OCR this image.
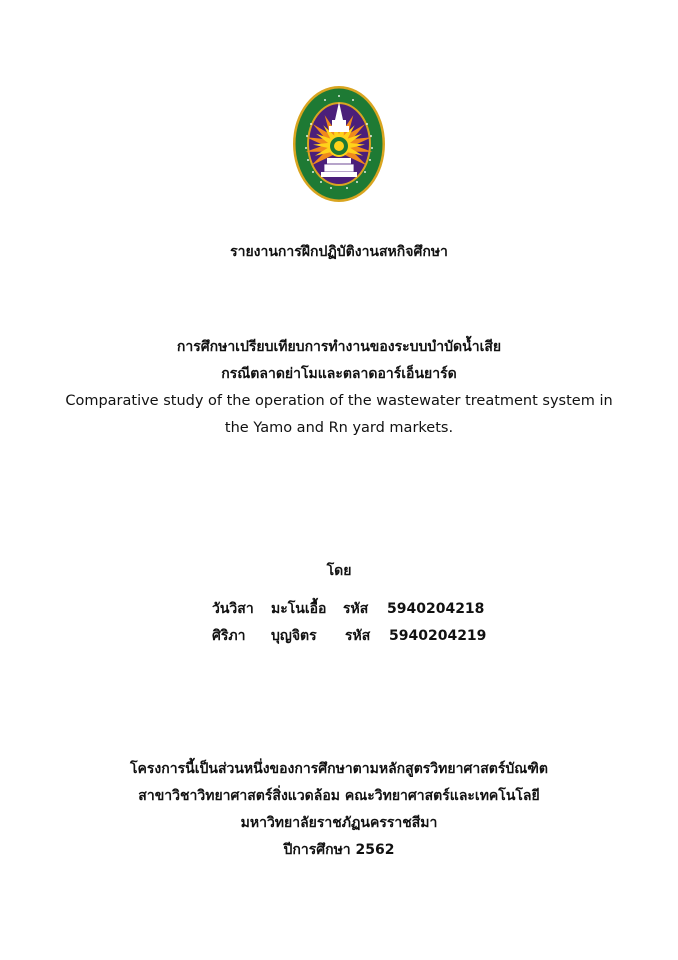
รายงานการฝึกปฏิบัติงานสหกิจศึกษา
การศึกษาเปรียบเทียบการทำงานของระบบบำบัดน้ำเสีย
กรณีตลาดย่าโมและตลาดอาร์เอ็นยาร์ด
Comparative study of the operation of the wastewater treatment system in
the Yamo and Rn yard markets.
โดย
วันวิสา มะโนเอื้อ รหัส 5940204218
ศิริภา บุญจิตร รหัส 5940204219
โครงการนี้เป็นส่วนหนึ่งของการศึกษาตามหลักสูตรวิทยาศาสตร์บัณฑิต
สาขาวิชาวิทยาศาสตร์สิ่งแวดล้อม คณะวิทยาศาสตร์และเทคโนโลยี
มหาวิทยาลัยราชภัฏนครราชสีมา
ปีการศึกษา 2562
